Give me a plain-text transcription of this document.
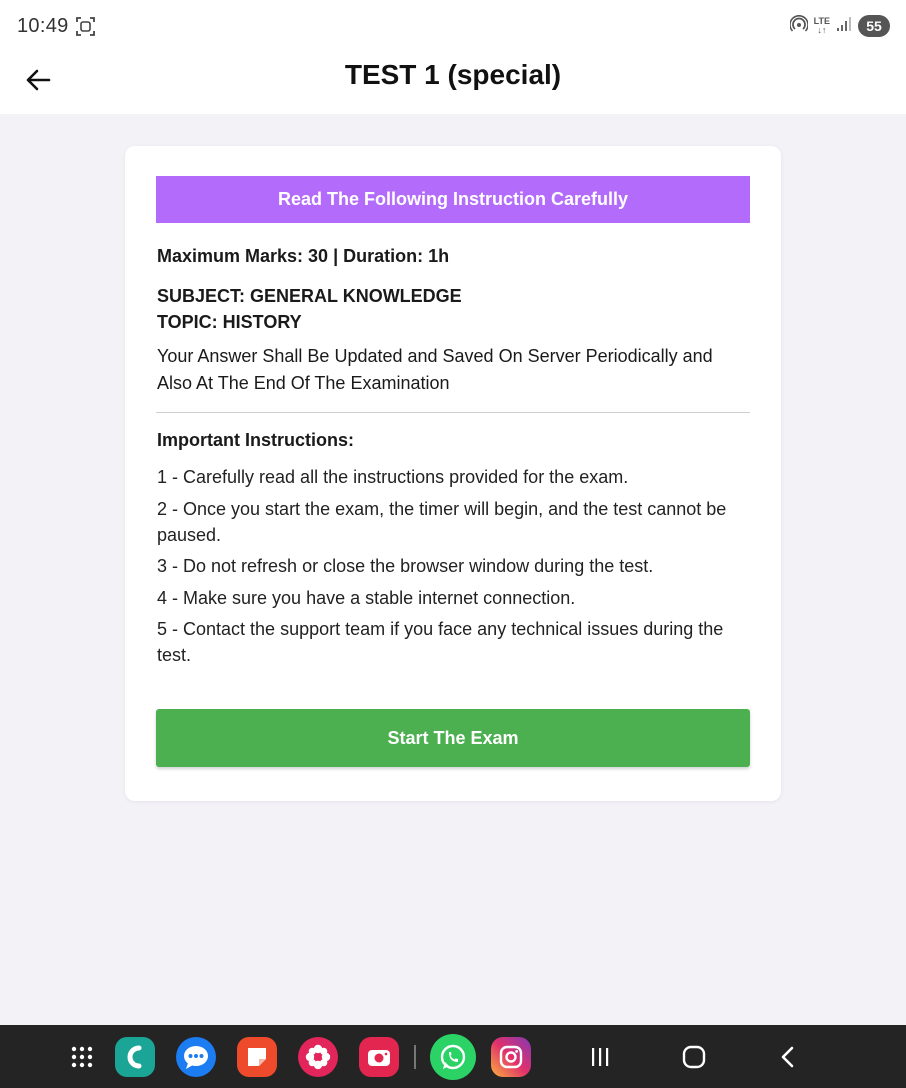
10:49	LTE
↓↑	55
TEST 1 (special)
Read The Following Instruction Carefully
Maximum Marks: 30 | Duration: 1h
SUBJECT: GENERAL KNOWLEDGE
TOPIC: HISTORY
Your Answer Shall Be Updated and Saved On Server Periodically and Also At The End Of The Examination
Important Instructions:
1 - Carefully read all the instructions provided for the exam.
2 - Once you start the exam, the timer will begin, and the test cannot be paused.
3 - Do not refresh or close the browser window during the test.
4 - Make sure you have a stable internet connection.
5 - Contact the support team if you face any technical issues during the test.
Start The Exam
